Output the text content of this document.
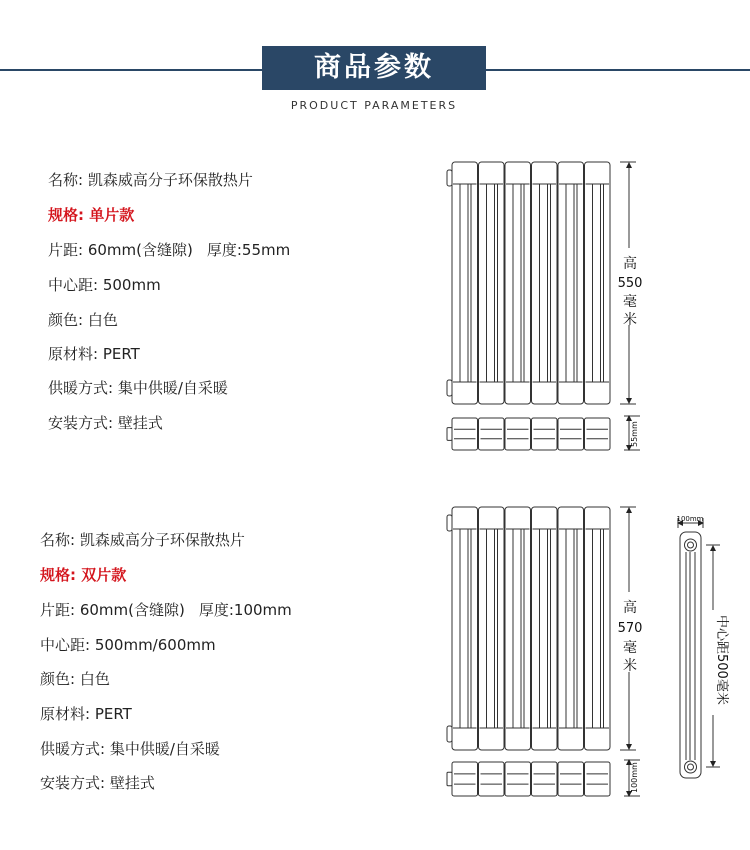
商品参数
PRODUCT PARAMETERS
名称: 凯森威高分子环保散热片
规格: 单片款
片距: 60mm(含缝隙) 厚度:55mm
中心距: 500mm
颜色: 白色
原材料: PERT
供暖方式: 集中供暖/自采暖
安装方式: 壁挂式
名称: 凯森威高分子环保散热片
规格: 双片款
片距: 60mm(含缝隙) 厚度:100mm
中心距: 500mm/600mm
颜色: 白色
原材料: PERT
供暖方式: 集中供暖/自采暖
安装方式: 壁挂式
高
550
毫
米
55mm
高
570
毫
米
100mm
100mm
中心距500毫米
